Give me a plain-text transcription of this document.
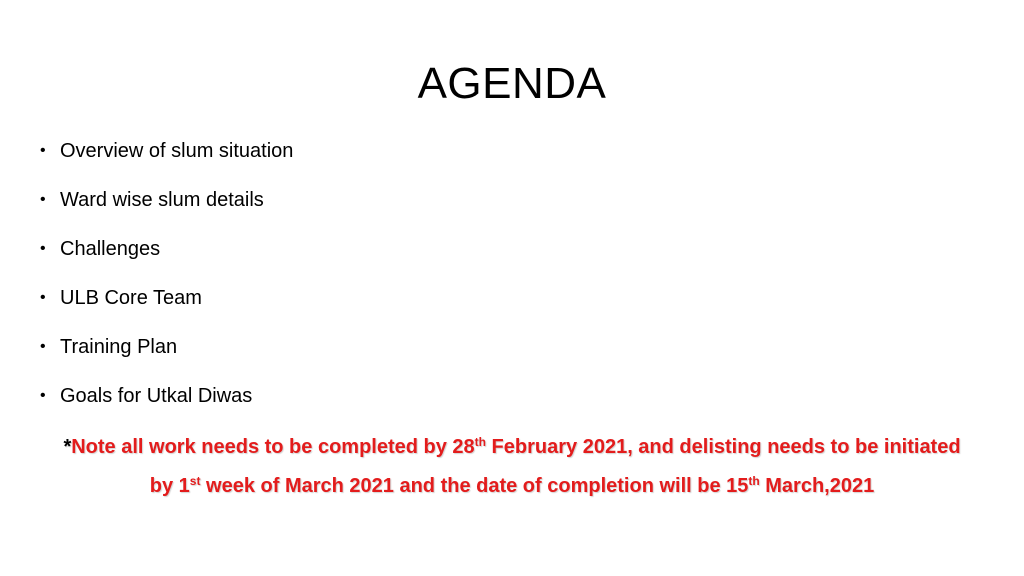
AGENDA
• Overview of slum situation
• Ward wise slum details
• Challenges
• ULB Core Team
• Training Plan
• Goals for Utkal Diwas
*Note all work needs to be completed by 28th February 2021, and delisting needs to be initiated
by 1st week of March 2021 and the date of completion will be 15th March,2021
